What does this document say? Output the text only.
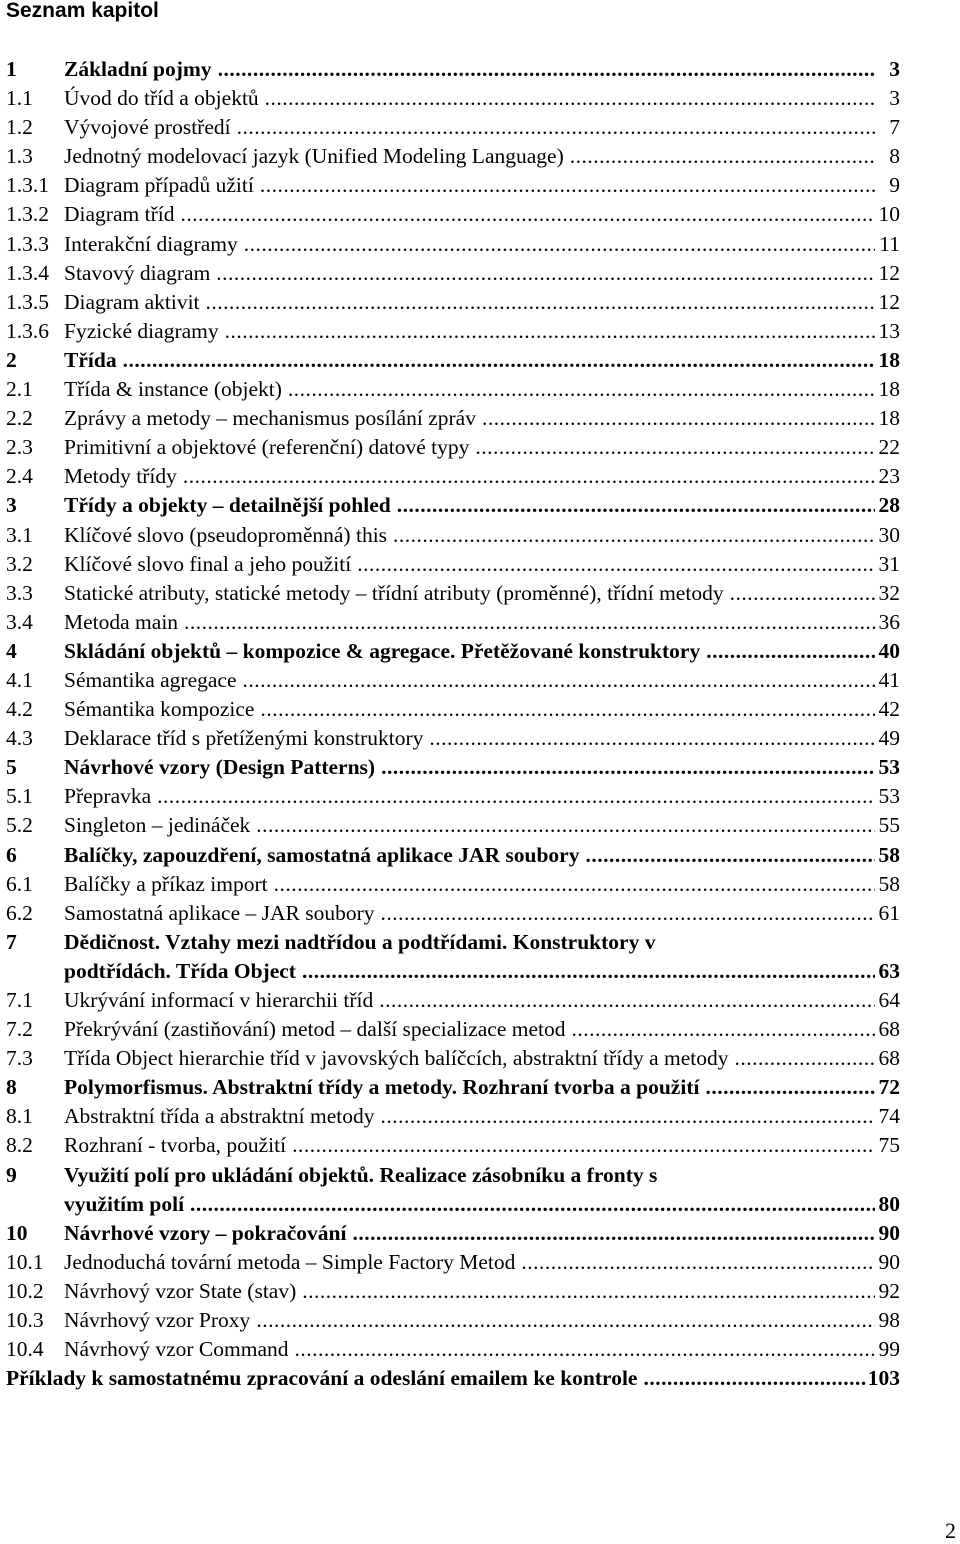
Seznam kapitol
1	Základní pojmy .....	3
1.1	Úvod do tříd a objektů .....	3
1.2	Vývojové prostředí .....	7
1.3	Jednotný modelovací jazyk (Unified Modeling Language) .....	8
1.3.1 Diagram případů užití .....	9
1.3.2 Diagram tříd .....	10
1.3.3 Interakční diagramy .....	11
1.3.4 Stavový diagram .....	12
1.3.5 Diagram aktivit .....	12
1.3.6 Fyzické diagramy .....	13
2	Třída .....	18
2.1	Třída & instance (objekt) .....	18
2.2	Zprávy a metody – mechanismus posílání zpráv .....	18
2.3	Primitivní a objektové (referenční) datové typy .....	22
2.4	Metody třídy .....	23
3	Třídy a objekty – detailnější pohled .....	28
3.1	Klíčové slovo (pseudoproměnná) this .....	30
3.2	Klíčové slovo final a jeho použití .....	31
3.3	Statické atributy, statické metody – třídní atributy (proměnné), třídní metody .....	32
3.4	Metoda main .....	36
4	Skládání objektů – kompozice & agregace. Přetěžované konstruktory .....	40
4.1	Sémantika agregace .....	41
4.2	Sémantika kompozice .....	42
4.3	Deklarace tříd s přetíženými konstruktory .....	49
5	Návrhové vzory (Design Patterns) .....	53
5.1	Přepravka .....	53
5.2	Singleton – jedináček .....	55
6	Balíčky, zapouzdření, samostatná aplikace JAR soubory .....	58
6.1	Balíčky a příkaz import .....	58
6.2	Samostatná aplikace – JAR soubory .....	61
7	Dědičnost. Vztahy mezi nadtřídou a podtřídami. Konstruktory v
podtřídách. Třída Object .....	63
7.1	Ukrývání informací v hierarchii tříd .....	64
7.2	Překrývání (zastiňování) metod – další specializace metod .....	68
7.3	Třída Object hierarchie tříd v javovských balíčcích, abstraktní třídy a metody .....	68
8	Polymorfismus. Abstraktní třídy a metody. Rozhraní tvorba a použití .....	72
8.1	Abstraktní třída a abstraktní metody .....	74
8.2	Rozhraní - tvorba, použití .....	75
9	Využití polí pro ukládání objektů. Realizace zásobníku a fronty s
využitím polí .....	80
10	Návrhové vzory – pokračování .....	90
10.1 Jednoduchá tovární metoda – Simple Factory Metod .....	90
10.2 Návrhový vzor State (stav) .....	92
10.3 Návrhový vzor Proxy .....	98
10.4 Návrhový vzor Command .....	99
Příklady k samostatnému zpracování a odeslání emailem ke kontrole .....	103
2
